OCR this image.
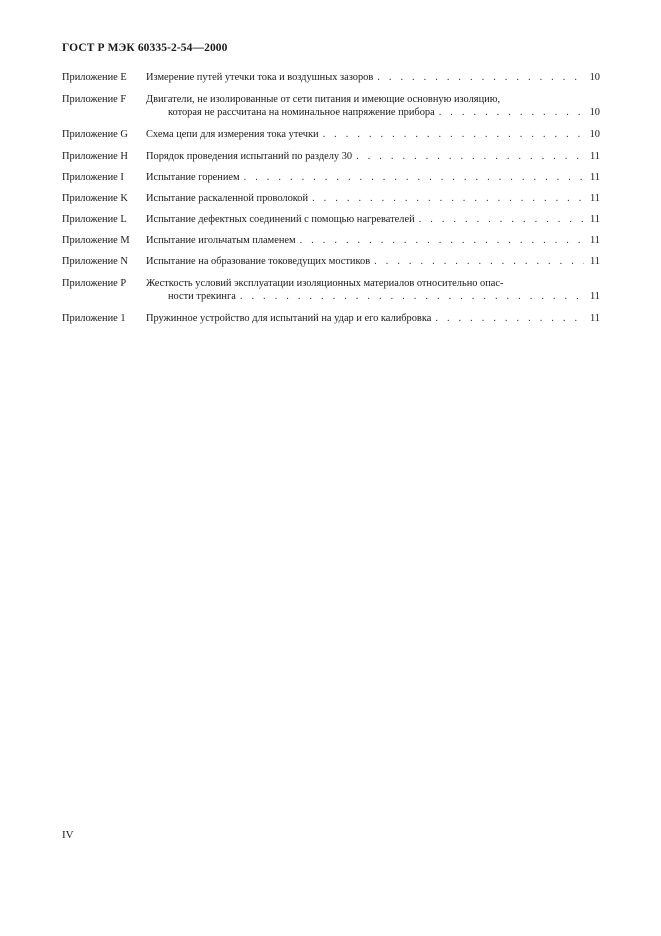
ГОСТ Р МЭК 60335-2-54—2000
Приложение E	Измерение путей утечки тока и воздушных зазоров . . .	10
Приложение F	Двигатели, не изолированные от сети питания и имеющие основную изоляцию,
которая не рассчитана на номинальное напряжение прибора . . .	10
Приложение G	Схема цепи для измерения тока утечки . . .	10
Приложение H	Порядок проведения испытаний по разделу 30 . . .	11
Приложение I	Испытание горением . . .	11
Приложение K	Испытание раскаленной проволокой . . .	11
Приложение L	Испытание дефектных соединений с помощью нагревателей . . .	11
Приложение M	Испытание игольчатым пламенем . . .	11
Приложение N	Испытание на образование токоведущих мостиков . . .	11
Приложение P	Жесткость условий эксплуатации изоляционных материалов относительно опас-
ности трекинга . . .	11
Приложение 1	Пружинное устройство для испытаний на удар и его калибровка . . .	11
IV
